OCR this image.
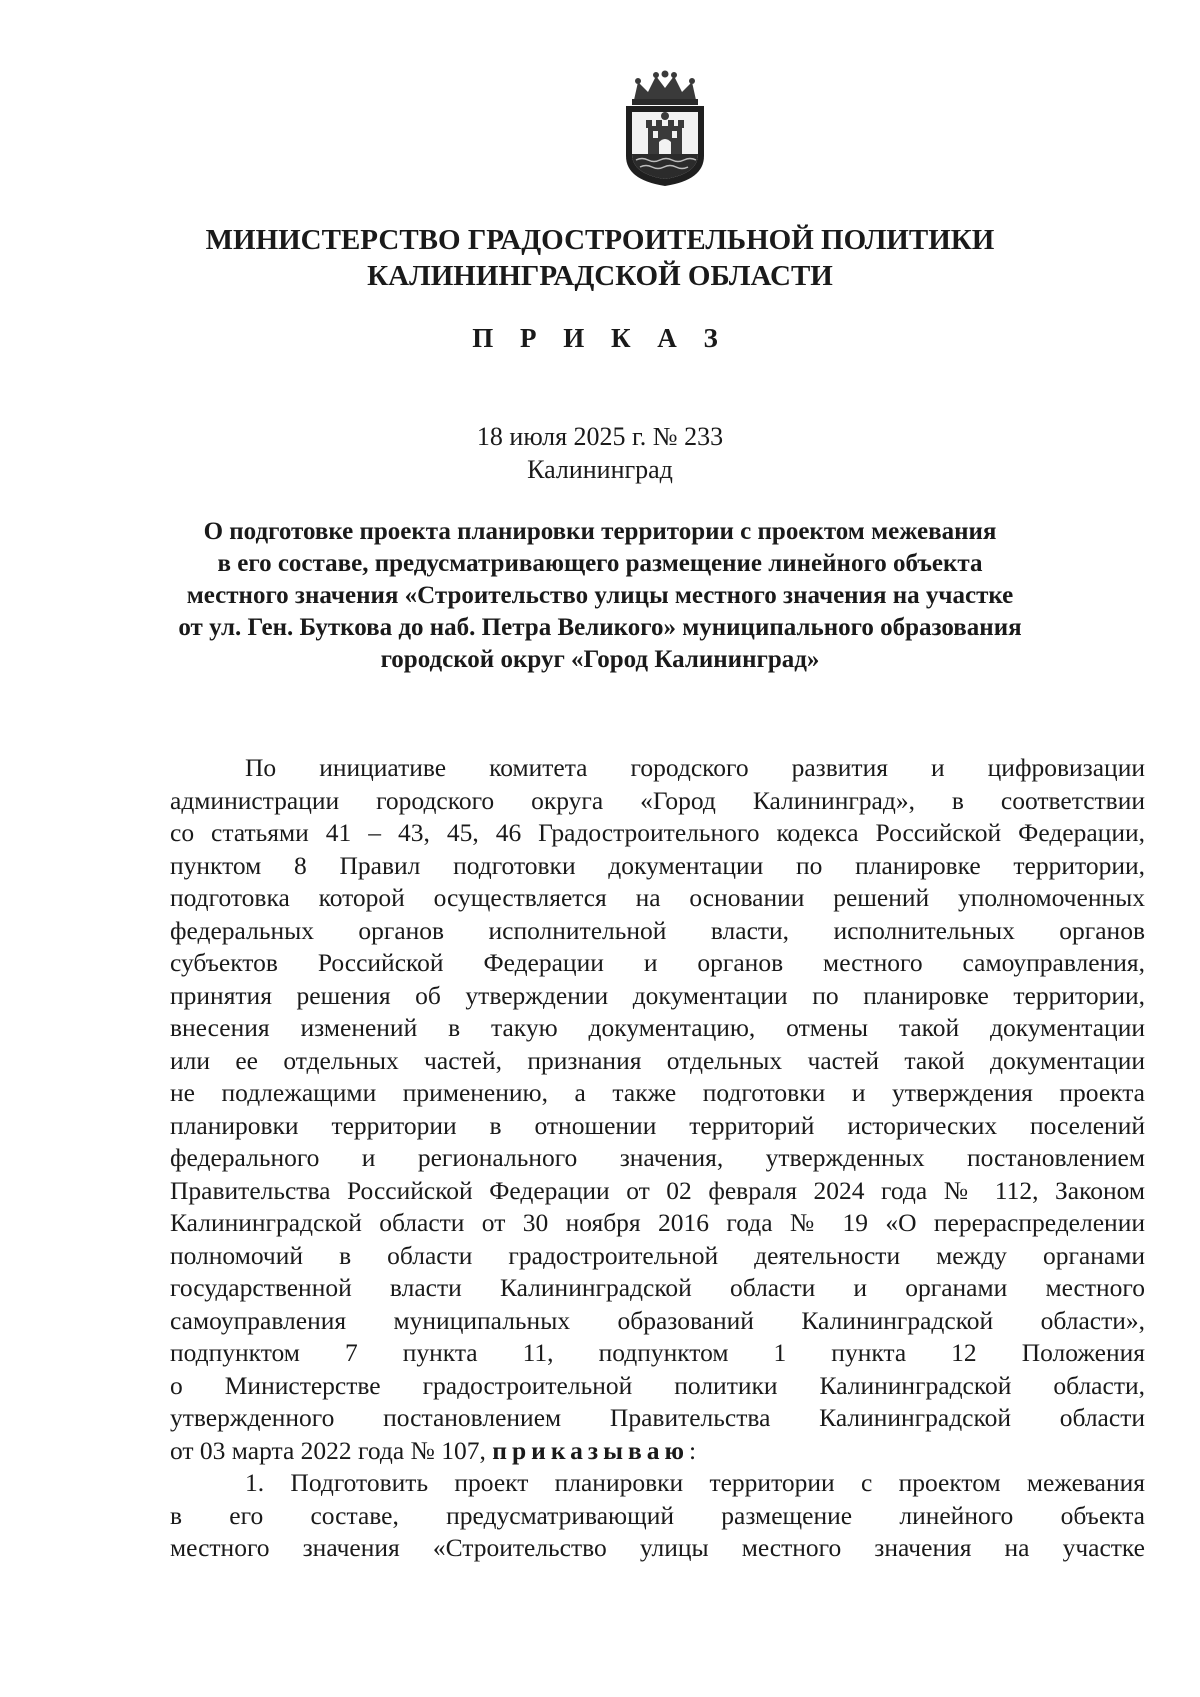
МИНИСТЕРСТВО ГРАДОСТРОИТЕЛЬНОЙ ПОЛИТИКИ
КАЛИНИНГРАДСКОЙ ОБЛАСТИ
П Р И К А З
18 июля 2025 г. № 233
Калининград
О подготовке проекта планировки территории с проектом межевания
в его составе, предусматривающего размещение линейного объекта
местного значения «Строительство улицы местного значения на участке
от ул. Ген. Буткова до наб. Петра Великого» муниципального образования
городской округ «Город Калининград»
По инициативе комитета городского развития и цифровизации
администрации городского округа «Город Калининград», в соответствии
со статьями 41 – 43, 45, 46 Градостроительного кодекса Российской Федерации,
пунктом 8 Правил подготовки документации по планировке территории,
подготовка которой осуществляется на основании решений уполномоченных
федеральных органов исполнительной власти, исполнительных органов
субъектов Российской Федерации и органов местного самоуправления,
принятия решения об утверждении документации по планировке территории,
внесения изменений в такую документацию, отмены такой документации
или ее отдельных частей, признания отдельных частей такой документации
не подлежащими применению, а также подготовки и утверждения проекта
планировки территории в отношении территорий исторических поселений
федерального и регионального значения, утвержденных постановлением
Правительства Российской Федерации от 02 февраля 2024 года № 112, Законом
Калининградской области от 30 ноября 2016 года № 19 «О перераспределении
полномочий в области градостроительной деятельности между органами
государственной власти Калининградской области и органами местного
самоуправления муниципальных образований Калининградской области»,
подпунктом 7 пункта 11, подпунктом 1 пункта 12 Положения
о Министерстве градостроительной политики Калининградской области,
утвержденного постановлением Правительства Калининградской области
от 03 марта 2022 года № 107, приказываю:
1. Подготовить проект планировки территории с проектом межевания
в его составе, предусматривающий размещение линейного объекта
местного значения «Строительство улицы местного значения на участке
